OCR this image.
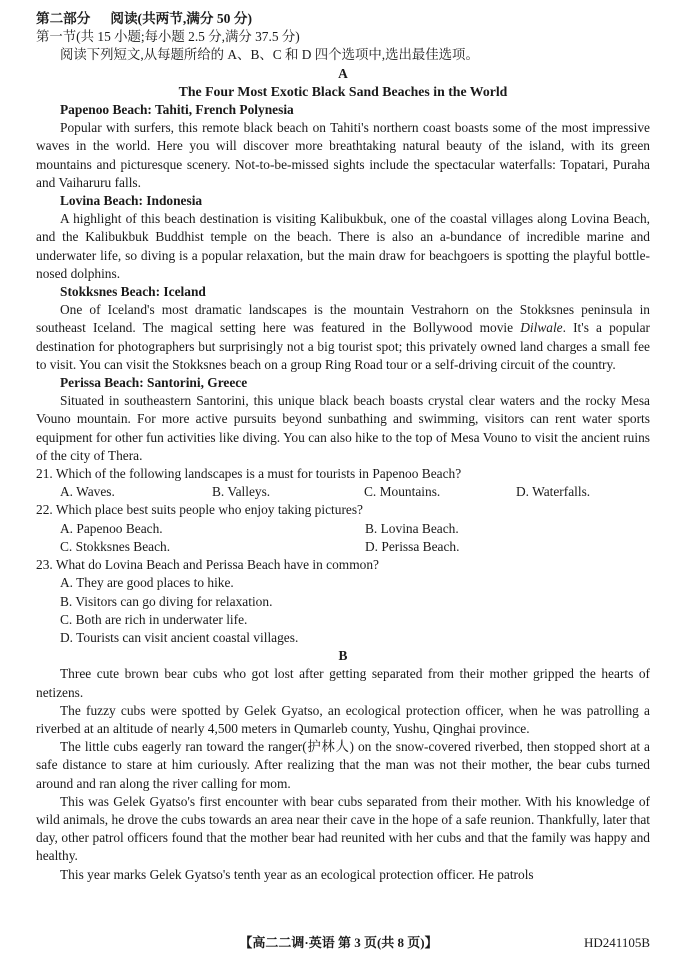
第二部分 阅读(共两节,满分 50 分)

第一节(共 15 小题;每小题 2.5 分,满分 37.5 分)

阅读下列短文,从每题所给的 A、B、C 和 D 四个选项中,选出最佳选项。

A

The Four Most Exotic Black Sand Beaches in the World

Papenoo Beach: Tahiti, French Polynesia

Popular with surfers, this remote black beach on Tahiti's northern coast boasts some of the most impressive waves in the world. Here you will discover more breathtaking natural beauty of the island, with its green mountains and picturesque scenery. Not-to-be-missed sights include the spectacular waterfalls: Topatari, Puraha and Vaiharuru falls.

Lovina Beach: Indonesia

A highlight of this beach destination is visiting Kalibukbuk, one of the coastal villages along Lovina Beach, and the Kalibukbuk Buddhist temple on the beach. There is also an a-bundance of incredible marine and underwater life, so diving is a popular relaxation, but the main draw for beachgoers is spotting the playful bottle-nosed dolphins.

Stokksnes Beach: Iceland

One of Iceland's most dramatic landscapes is the mountain Vestrahorn on the Stokksnes peninsula in southeast Iceland. The magical setting here was featured in the Bollywood movie Dilwale. It's a popular destination for photographers but surprisingly not a big tourist spot; this privately owned land charges a small fee to visit. You can visit the Stokksnes beach on a group Ring Road tour or a self-driving circuit of the country.

Perissa Beach: Santorini, Greece

Situated in southeastern Santorini, this unique black beach boasts crystal clear waters and the rocky Mesa Vouno mountain. For more active pursuits beyond sunbathing and swimming, visitors can rent water sports equipment for other fun activities like diving. You can also hike to the top of Mesa Vouno to visit the ancient ruins of the city of Thera.

21. Which of the following landscapes is a must for tourists in Papenoo Beach?

A. Waves.	B. Valleys.	C. Mountains.	D. Waterfalls.

22. Which place best suits people who enjoy taking pictures?

A. Papenoo Beach.	B. Lovina Beach.
C. Stokksnes Beach.	D. Perissa Beach.

23. What do Lovina Beach and Perissa Beach have in common?

A. They are good places to hike.

B. Visitors can go diving for relaxation.

C. Both are rich in underwater life.

D. Tourists can visit ancient coastal villages.

B

Three cute brown bear cubs who got lost after getting separated from their mother gripped the hearts of netizens.

The fuzzy cubs were spotted by Gelek Gyatso, an ecological protection officer, when he was patrolling a riverbed at an altitude of nearly 4,500 meters in Qumarleb county, Yushu, Qinghai province.

The little cubs eagerly ran toward the ranger(护林人) on the snow-covered riverbed, then stopped short at a safe distance to stare at him curiously. After realizing that the man was not their mother, the bear cubs turned around and ran along the river calling for mom.

This was Gelek Gyatso's first encounter with bear cubs separated from their mother. With his knowledge of wild animals, he drove the cubs towards an area near their cave in the hope of a safe reunion. Thankfully, later that day, other patrol officers found that the mother bear had reunited with her cubs and that the family was happy and healthy.

This year marks Gelek Gyatso's tenth year as an ecological protection officer. He patrols

【高二二调·英语 第 3 页(共 8 页)】	HD241105B
